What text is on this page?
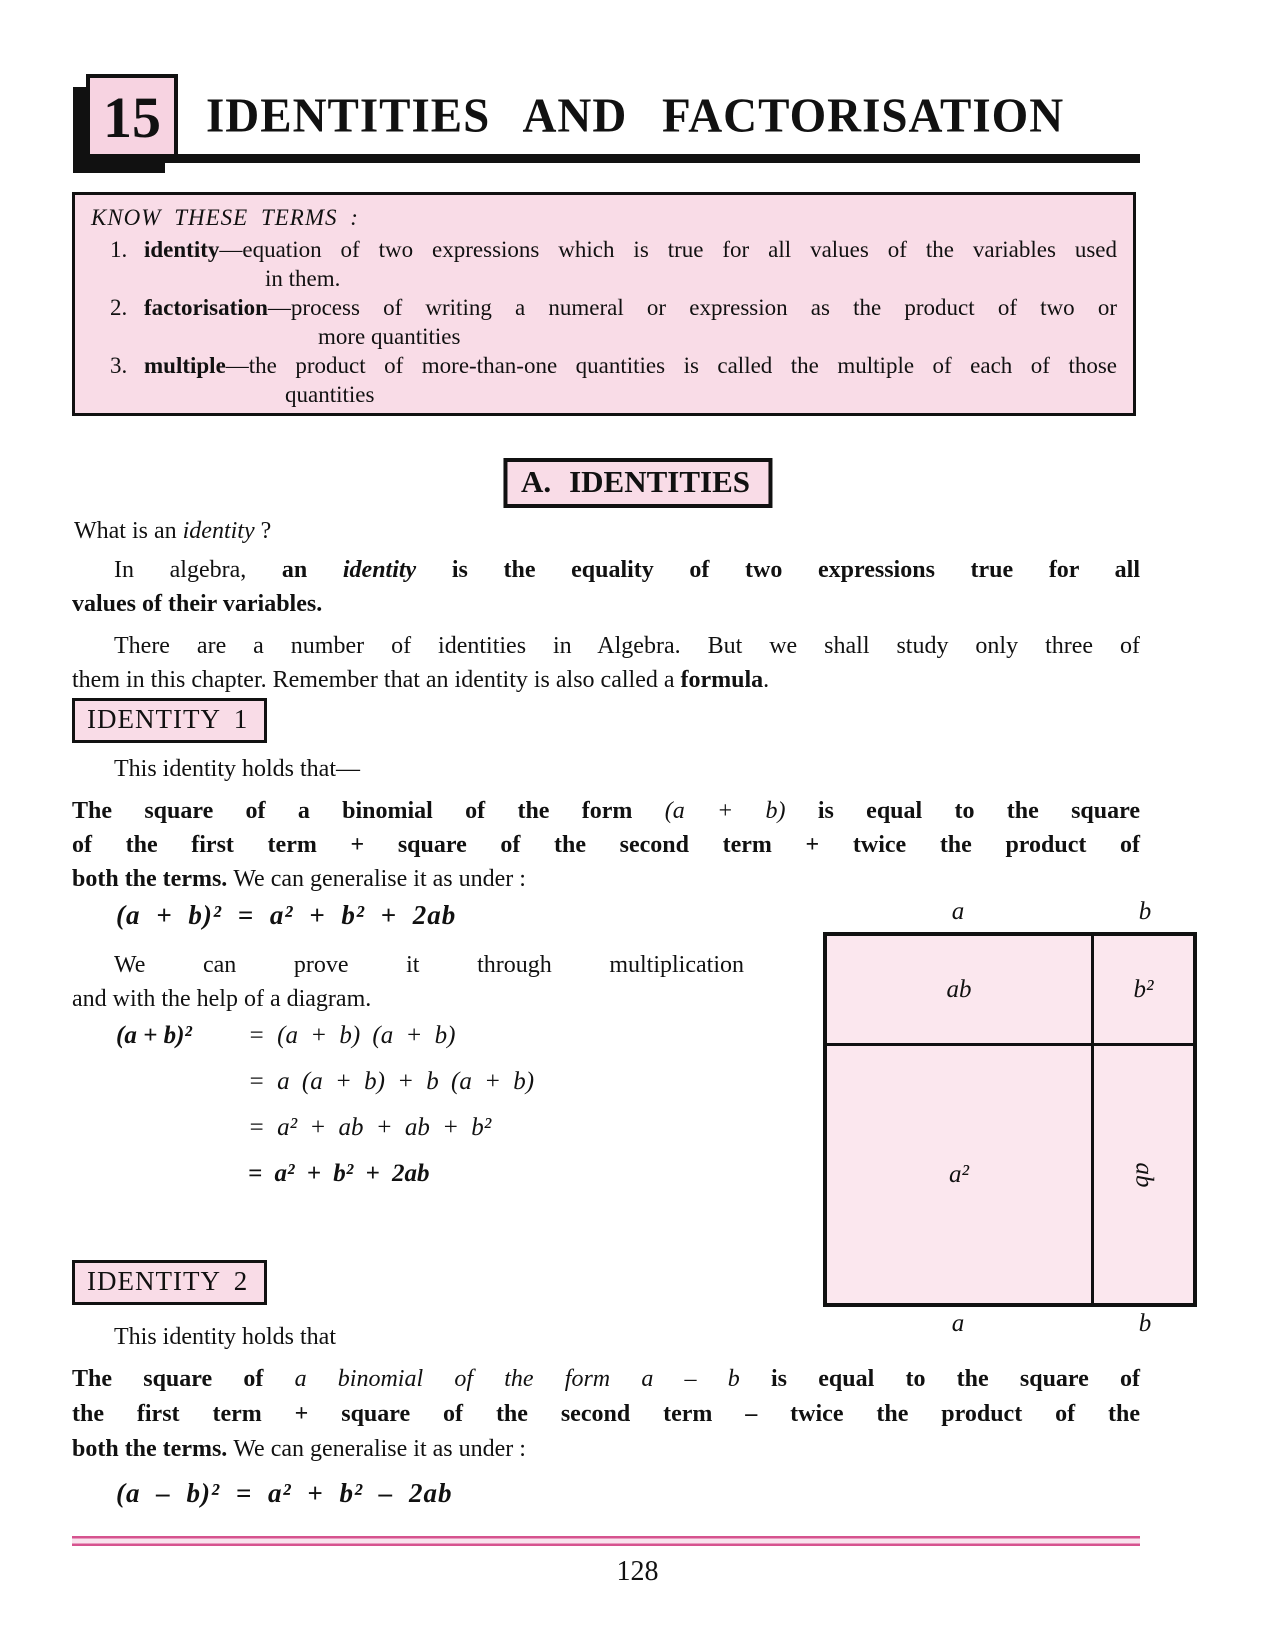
15 IDENTITIES AND FACTORISATION
KNOW THESE TERMS :
1. identity—equation of two expressions which is true for all values of the variables used
in them.
2. factorisation—process of writing a numeral or expression as the product of two or
more quantities
3. multiple—the product of more-than-one quantities is called the multiple of each of those
quantities
A. IDENTITIES
What is an identity ?
In algebra, an identity is the equality of two expressions true for all
values of their variables.
There are a number of identities in Algebra. But we shall study only three of
them in this chapter. Remember that an identity is also called a formula.
IDENTITY 1
This identity holds that—
The square of a binomial of the form (a + b) is equal to the square
of the first term + square of the second term + twice the product of
both the terms. We can generalise it as under :
(a + b)² = a² + b² + 2ab
We can prove it through multiplication
and with the help of a diagram.
(a + b)²	= (a + b) (a + b)
= a (a + b) + b (a + b)
= a² + ab + ab + b²
= a² + b² + 2ab
a	b
ab	b²
a²	ab
a	b
IDENTITY 2
This identity holds that
The square of a binomial of the form a – b is equal to the square of
the first term + square of the second term – twice the product of the
both the terms. We can generalise it as under :
(a – b)² = a² + b² – 2ab
128
